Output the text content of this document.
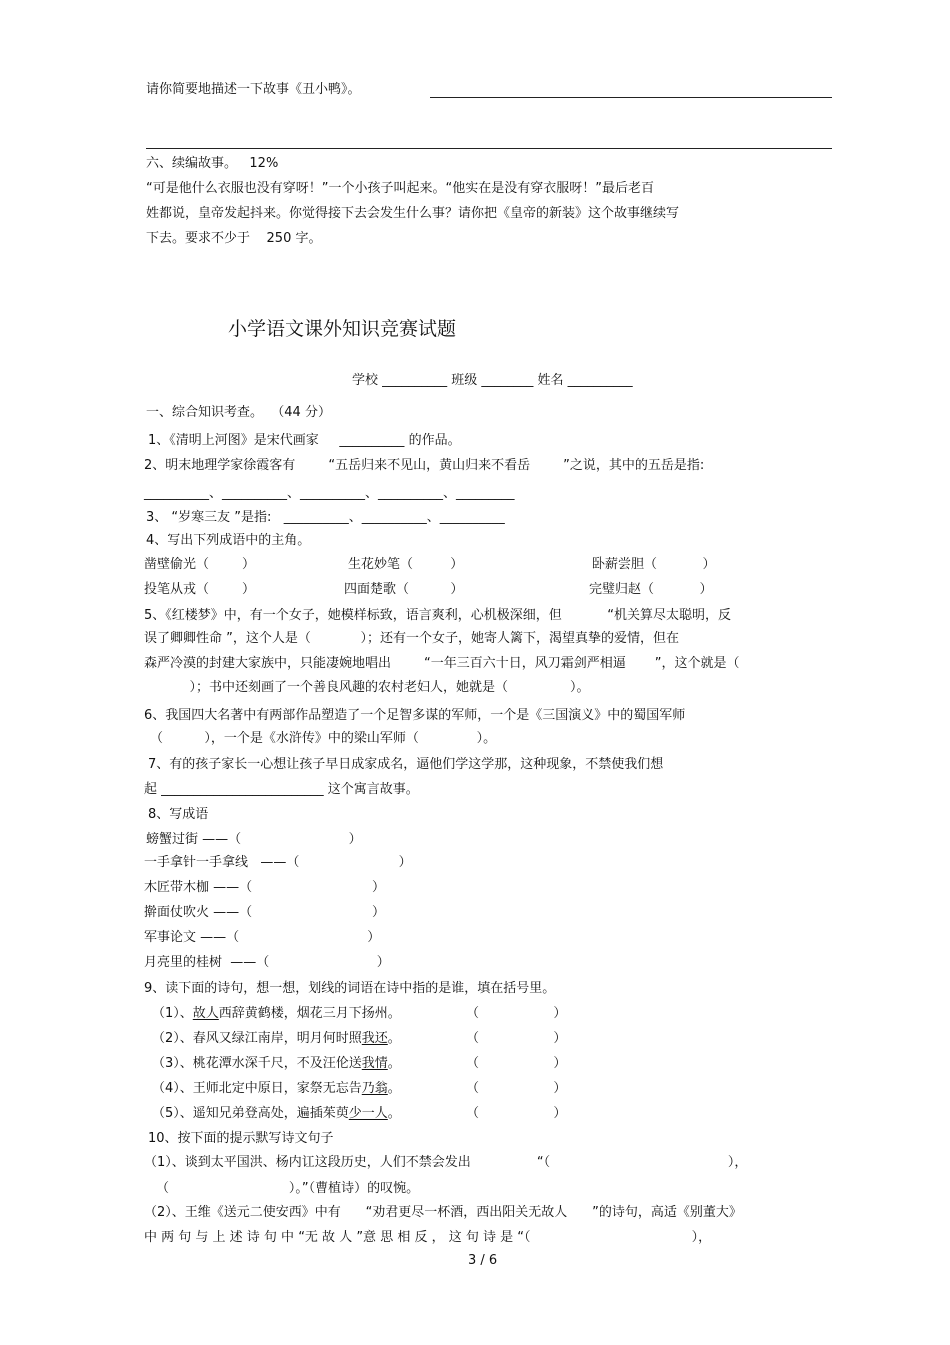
请你简要地描述一下故事《丑小鸭》。
六、续编故事。   12%
“可是他什么衣服也没有穿呀！”一个小孩子叫起来。“他实在是没有穿衣服呀！”最后老百
姓都说，皇帝发起抖来。你觉得接下去会发生什么事？请你把《皇帝的新装》这个故事继续写
下去。要求不少于    250 字。
小学语文课外知识竞赛试题
学校 __________ 班级 ________ 姓名 __________
一、综合知识考查。  （44 分）
1、《清明上河图》是宋代画家     __________ 的作品。
2、明末地理学家徐霞客有        “五岳归来不见山，黄山归来不看岳        ”之说，其中的五岳是指:
__________、__________、__________、__________、_________
3、 “岁寒三友 ”是指:   __________、__________、__________
4、写出下列成语中的主角。
凿壁偷光（        ）	生花妙笔（         ）	卧薪尝胆（           ）
投笔从戎（        ）	四面楚歌（          ）	完璧归赵（           ）
5、《红楼梦》中，有一个女子，她模样标致，语言爽利，心机极深细，但           “机关算尽太聪明，反
误了卿卿性命 ”，这个人是（            ）；还有一个女子，她寄人篱下，渴望真挚的爱情，但在
森严冷漠的封建大家族中，只能凄婉地唱出        “一年三百六十日，风刀霜剑严相逼       ”，这个就是（
）；书中还刻画了一个善良风趣的农村老妇人，她就是（               ）。
6、我国四大名著中有两部作品塑造了一个足智多谋的军师，一个是《三国演义》中的蜀国军师
（          ），一个是《水浒传》中的梁山军师（              ）。
7、有的孩子家长一心想让孩子早日成家成名，逼他们学这学那，这种现象，不禁使我们想
起 _________________________ 这个寓言故事。
8、写成语
螃蟹过街 ——（                          ）
一手拿针一手拿线   ——（                        ）
木匠带木枷 ——（                             ）
擀面仗吹火 ——（                             ）
军事论文 ——（                               ）
月亮里的桂树  ——（                          ）
9、读下面的诗句，想一想，划线的词语在诗中指的是谁，填在括号里。
（1）、故人西辞黄鹤楼，烟花三月下扬州。	（                  ）
（2）、春风又绿江南岸，明月何时照我还。	（                  ）
（3）、桃花潭水深千尺，不及汪伦送我情。	（                  ）
（4）、王师北定中原日，家祭无忘告乃翁。	（                  ）
（5）、遥知兄弟登高处，遍插茱萸少一人。	（                  ）
10、按下面的提示默写诗文句子
（1）、谈到太平国洪、杨内讧这段历史，人们不禁会发出                “（                                           ），
（                             ）。”（曹植诗）的叹惋。
（2）、王维《送元二使安西》中有      “劝君更尽一杯酒，西出阳关无故人      ”的诗句，高适《别董大》
中 两 句 与 上 述 诗 句 中 “无 故 人 ”意 思 相 反 ， 这 句 诗 是 “（                                       ），
3 / 6
